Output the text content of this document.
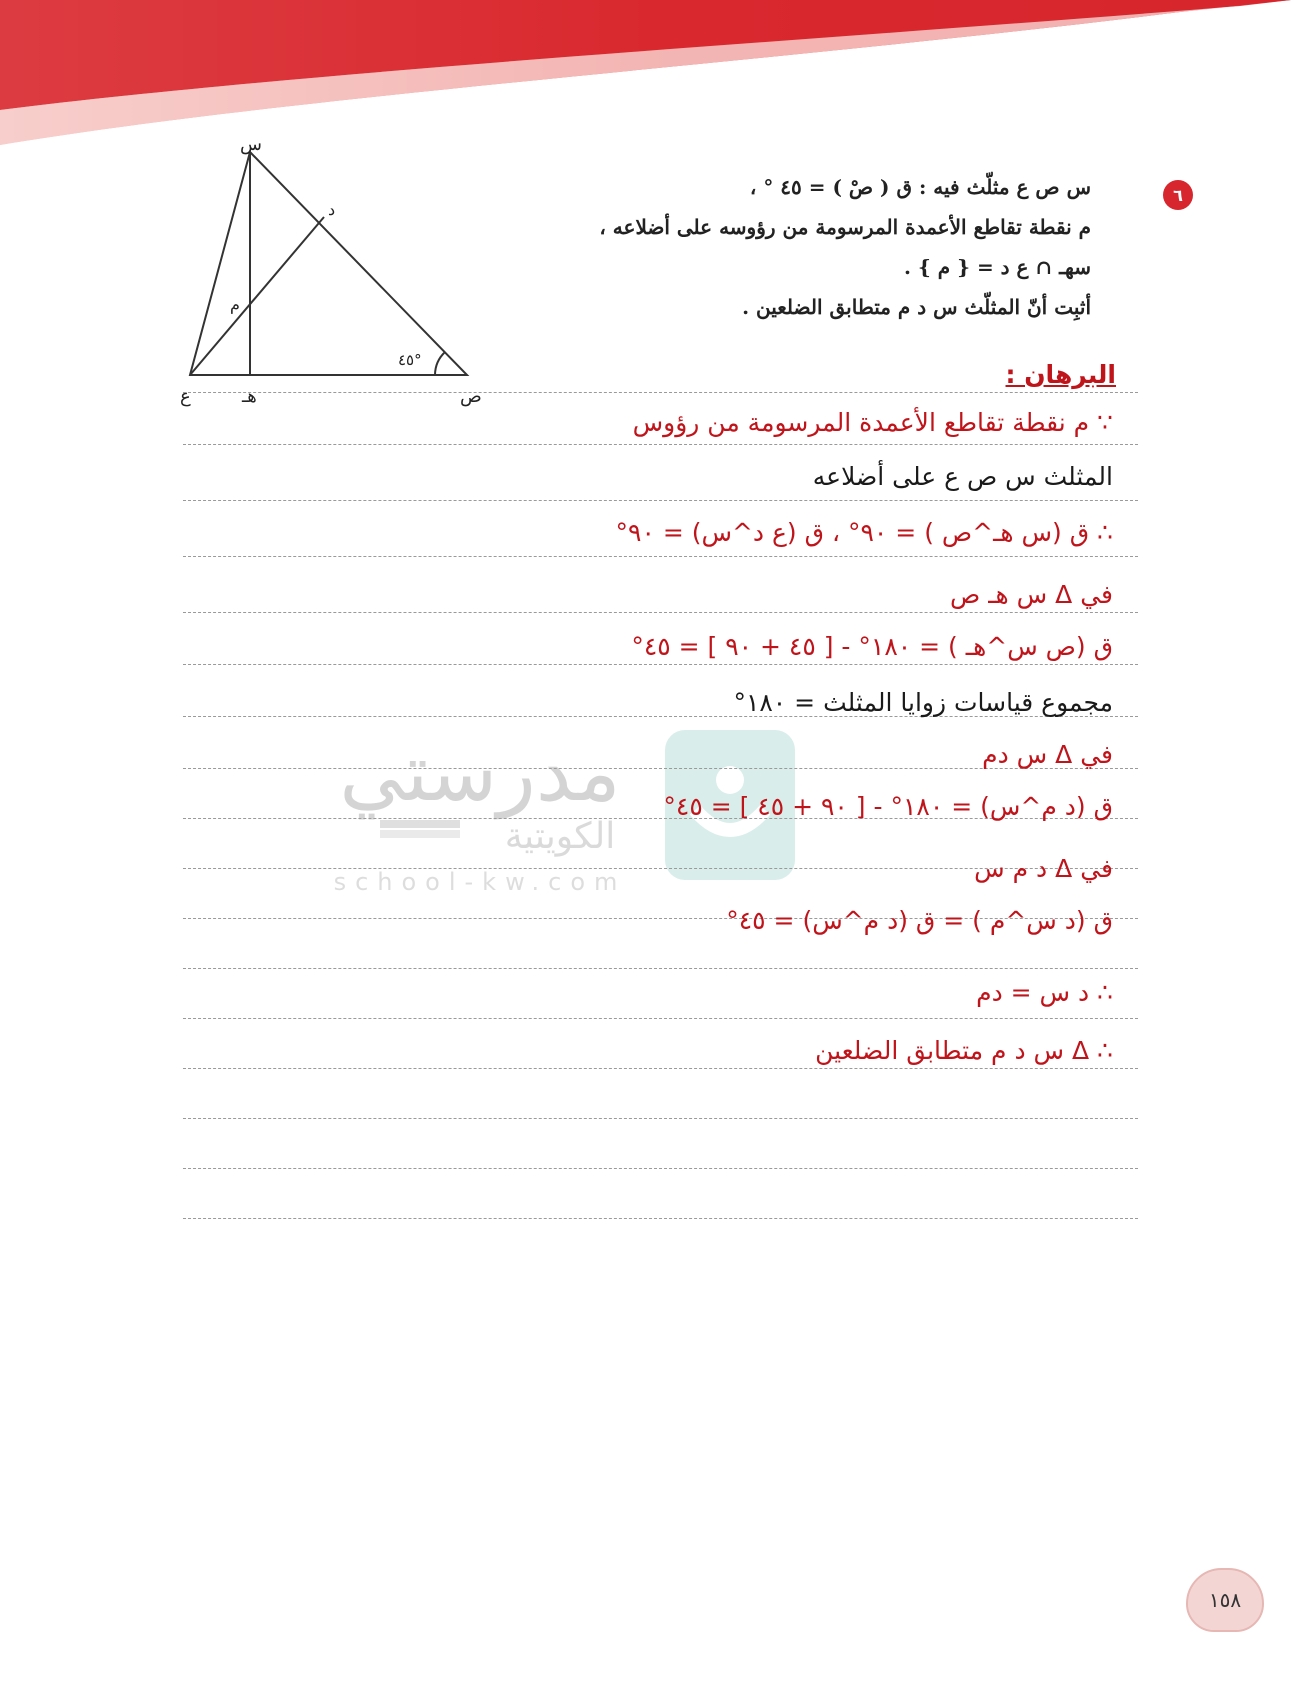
٦
س ص ع مثلّث فيه : ق ( صْ ) = ٤٥ ° ،
م نقطة تقاطع الأعمدة المرسومة من رؤوسه على أضلاعه ،
سهـ ∩ ع د = { م } .
أثبِت أنّ المثلّث س د م متطابق الضلعين .
س
ع	ص
هـ
د
م
٤٥°
مدرستي
الكويتية
school-kw.com
البرهان :
∵ م نقطة تقاطع الأعمدة المرسومة من رؤوس
المثلث س ص ع على أضلاعه
∴ ق (س هـ^ص ) = ٩٠° ، ق (ع د^س) = ٩٠°
في Δ س هـ ص
ق (ص س^هـ ) = ١٨٠° - [ ٤٥ + ٩٠ ] = ٤٥°
مجموع قياسات زوايا المثلث = ١٨٠°
في Δ س دم
ق (د م^س) = ١٨٠° - [ ٩٠ + ٤٥ ] = ٤٥°
في Δ د م س
ق (د س^م ) = ق (د م^س) = ٤٥°
∴ د س = دم
∴ Δ س د م متطابق الضلعين
١٥٨
